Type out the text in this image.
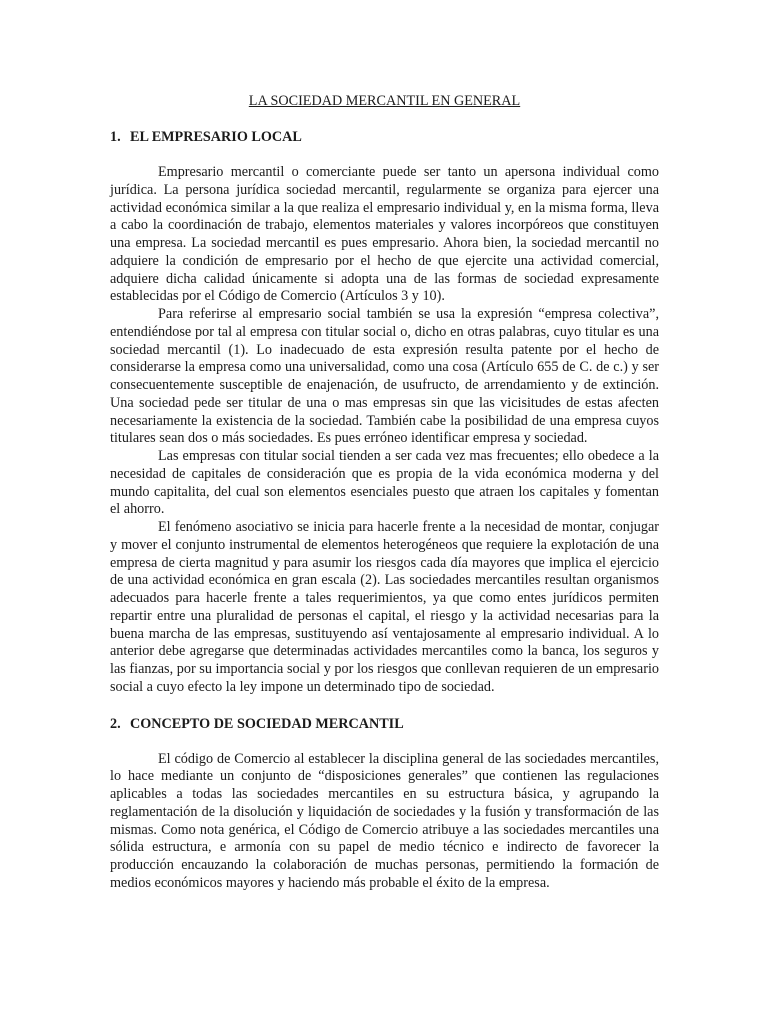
LA SOCIEDAD MERCANTIL EN GENERAL
1. EL EMPRESARIO LOCAL

Empresario mercantil o comerciante puede ser tanto un apersona individual como jurídica. La persona jurídica sociedad mercantil, regularmente se organiza para ejercer una actividad económica similar a la que realiza el empresario individual y, en la misma forma, lleva a cabo la coordinación de trabajo, elementos materiales y valores incorpóreos que constituyen una empresa. La sociedad mercantil es pues empresario. Ahora bien, la sociedad mercantil no adquiere la condición de empresario por el hecho de que ejercite una actividad comercial, adquiere dicha calidad únicamente si adopta una de las formas de sociedad expresamente establecidas por el Código de Comercio (Artículos 3 y 10).

Para referirse al empresario social también se usa la expresión “empresa colectiva”, entendiéndose por tal al empresa con titular social o, dicho en otras palabras, cuyo titular es una sociedad mercantil (1). Lo inadecuado de esta expresión resulta patente por el hecho de considerarse la empresa como una universalidad, como una cosa (Artículo 655 de C. de c.) y ser consecuentemente susceptible de enajenación, de usufructo, de arrendamiento y de extinción. Una sociedad pede ser titular de una o mas empresas sin que las vicisitudes de estas afecten necesariamente la existencia de la sociedad. También cabe la posibilidad de una empresa cuyos titulares sean dos o más sociedades. Es pues erróneo identificar empresa y sociedad.

Las empresas con titular social tienden a ser cada vez mas frecuentes; ello obedece a la necesidad de capitales de consideración que es propia de la vida económica moderna y del mundo capitalita, del cual son elementos esenciales puesto que atraen los capitales y fomentan el ahorro.

El fenómeno asociativo se inicia para hacerle frente a la necesidad de montar, conjugar y mover el conjunto instrumental de elementos heterogéneos que requiere la explotación de una empresa de cierta magnitud y para asumir los riesgos cada día mayores que implica el ejercicio de una actividad económica en gran escala (2). Las sociedades mercantiles resultan organismos adecuados para hacerle frente a tales requerimientos, ya que como entes jurídicos permiten repartir entre una pluralidad de personas el capital, el riesgo y la actividad necesarias para la buena marcha de las empresas, sustituyendo así ventajosamente al empresario individual. A lo anterior debe agregarse que determinadas actividades mercantiles como la banca, los seguros y las fianzas, por su importancia social y por los riesgos que conllevan requieren de un empresario social a cuyo efecto la ley impone un determinado tipo de sociedad.

2. CONCEPTO DE SOCIEDAD MERCANTIL

El código de Comercio al establecer la disciplina general de las sociedades mercantiles, lo hace mediante un conjunto de “disposiciones generales” que contienen las regulaciones aplicables a todas las sociedades mercantiles en su estructura básica, y agrupando la reglamentación de la disolución y liquidación de sociedades y la fusión y transformación de las mismas. Como nota genérica, el Código de Comercio atribuye a las sociedades mercantiles una sólida estructura, e armonía con su papel de medio técnico e indirecto de favorecer la producción encauzando la colaboración de muchas personas, permitiendo la formación de medios económicos mayores y haciendo más probable el éxito de la empresa.
